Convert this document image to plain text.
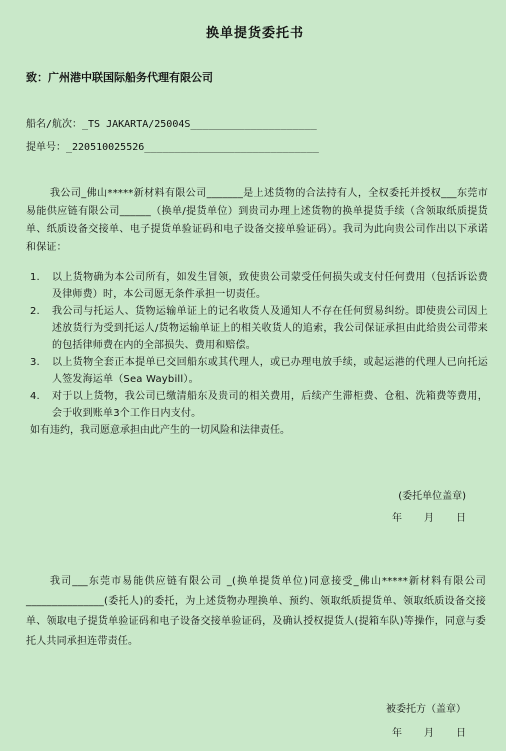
换单提货委托书
致：广州港中联国际船务代理有限公司
船名/航次：_TS JAKARTA/25004S_____________________
提单号：_220510025526_____________________________

我公司_佛山*****新材料有限公司_______是上述货物的合法持有人，全权委托并授权___东莞市易能供应链有限公司______（换单/提货单位）到贵司办理上述货物的换单提货手续（含领取纸质提货单、纸质设备交接单、电子提货单验证码和电子设备交接单验证码）。我司为此向贵公司作出以下承诺和保证：

1. 以上货物确为本公司所有，如发生冒领，致使贵公司蒙受任何损失或支付任何费用（包括诉讼费及律师费）时，本公司愿无条件承担一切责任。
2. 我公司与托运人、货物运输单证上的记名收货人及通知人不存在任何贸易纠纷。即使贵公司因上述放货行为受到托运人/货物运输单证上的相关收货人的追索，我公司保证承担由此给贵公司带来的包括律师费在内的全部损失、费用和赔偿。
3. 以上货物全套正本提单已交回船东或其代理人，或已办理电放手续，或起运港的代理人已向托运人签发海运单（Sea Waybill）。
4. 对于以上货物，我公司已缴清船东及贵司的相关费用，后续产生滞柜费、仓租、洗箱费等费用，会于收到账单3个工作日内支付。

如有违约，我司愿意承担由此产生的一切风险和法律责任。

(委托单位盖章)
年 月 日

我司___东莞市易能供应链有限公司 _(换单提货单位)同意接受_佛山*****新材料有限公司_______________(委托人)的委托，为上述货物办理换单、预约、领取纸质提货单、领取纸质设备交接单、领取电子提货单验证码和电子设备交接单验证码，及确认授权提货人(提箱车队)等操作，同意与委托人共同承担连带责任。

被委托方（盖章）
年 月 日
